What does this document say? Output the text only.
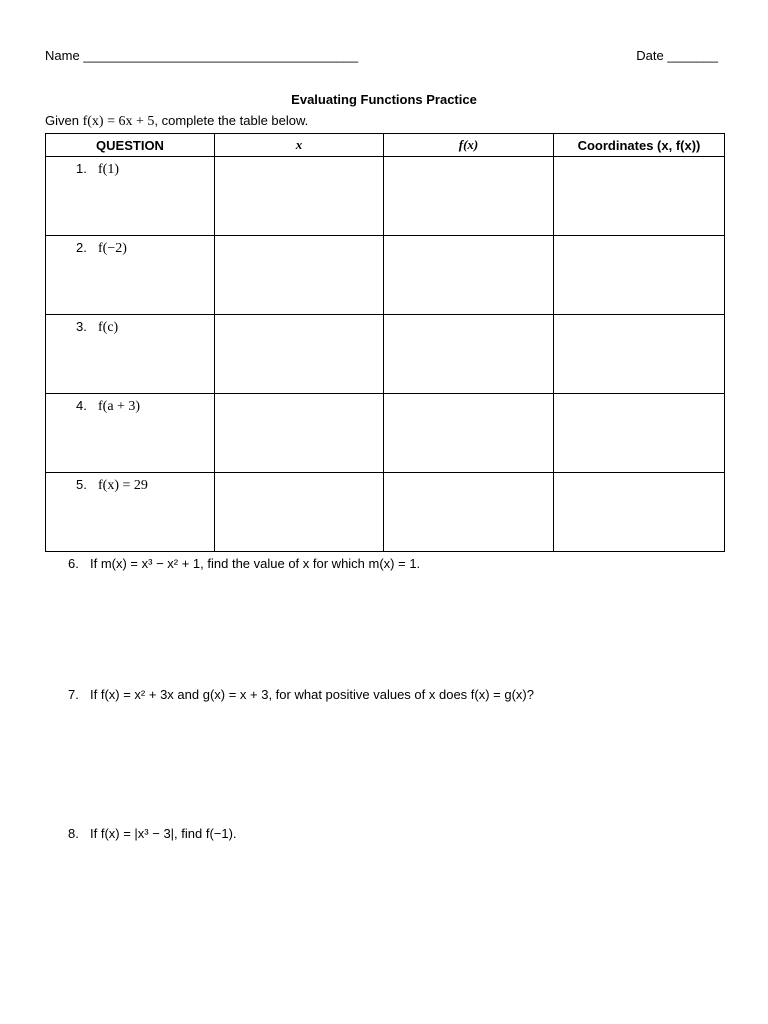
Name ______________________________________	Date _______
Evaluating Functions Practice
Given f(x) = 6x + 5, complete the table below.
QUESTION	x	f(x)	Coordinates (x, f(x))
1. f(1)			
2. f(−2)			
3. f(c)			
4. f(a + 3)			
5. f(x) = 29			
6. If m(x) = x³ − x² + 1, find the value of x for which m(x) = 1.
7. If f(x) = x² + 3x and g(x) = x + 3, for what positive values of x does f(x) = g(x)?
8. If f(x) = |x³ − 3|, find f(−1).
